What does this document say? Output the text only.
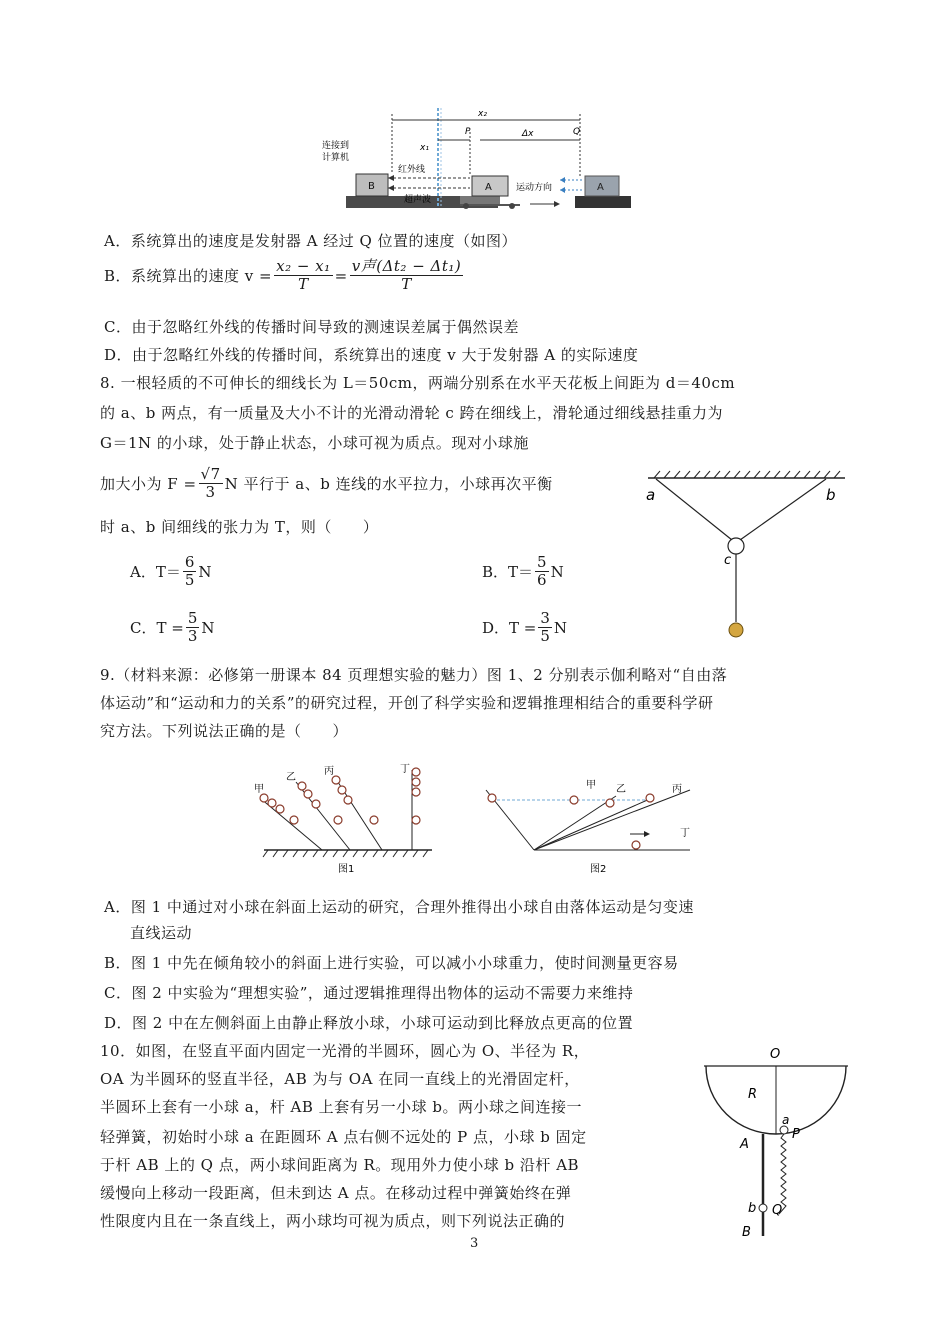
B	A	A
x₂
x₁
Δx
P	Q
连接到
计算机
红外线
超声波
运动方向
A．系统算出的速度是发射器 A 经过 Q 位置的速度（如图）
B．系统算出的速度 $v = \frac{\text{x₂ − x₁}}{T} = \frac{\text{v声(Δt₂ − Δt₁)}}{T}$
C．由于忽略红外线的传播时间导致的测速误差属于偶然误差
D．由于忽略红外线的传播时间，系统算出的速度 v 大于发射器 A 的实际速度
8. 一根轻质的不可伸长的细线长为 L＝50cm，两端分别系在水平天花板上间距为 d＝40cm
的 a、b 两点，有一质量及大小不计的光滑动滑轮 c 跨在细线上，滑轮通过细线悬挂重力为
G＝1N 的小球，处于静止状态，小球可视为质点。现对小球施
加大小为 $F = \frac{√7}{3}$ N 平行于 a、b 连线的水平拉力，小球再次平衡
时 a、b 间细线的张力为 T，则（　　）
A．$T= \frac{6}{5}$ N	B．$T= \frac{5}{6}$ N
C．$T = \frac{5}{3}$ N	D．$T = \frac{3}{5}$ N
a	b
c
9.（材料来源：必修第一册课本 84 页理想实验的魅力）图 1、2 分别表示伽利略对“自由落
体运动”和“运动和力的关系”的研究过程，开创了科学实验和逻辑推理相结合的重要科学研
究方法。下列说法正确的是（　　）
甲
乙
丙	丁
图1
甲 乙	丙
丁
图2
A．图 1 中通过对小球在斜面上运动的研究，合理外推得出小球自由落体运动是匀变速
直线运动
B．图 1 中先在倾角较小的斜面上进行实验，可以减小小球重力，使时间测量更容易
C．图 2 中实验为“理想实验”，通过逻辑推理得出物体的运动不需要力来维持
D．图 2 中在左侧斜面上由静止释放小球，小球可运动到比释放点更高的位置
10．如图，在竖直平面内固定一光滑的半圆环，圆心为 O、半径为 R，
OA 为半圆环的竖直半径，AB 为与 OA 在同一直线上的光滑固定杆，
半圆环上套有一小球 a，杆 AB 上套有另一小球 b。两小球之间连接一
轻弹簧，初始时小球 a 在距圆环 A 点右侧不远处的 P 点，小球 b 固定
于杆 AB 上的 Q 点，两小球间距离为 R。现用外力使小球 b 沿杆 AB
缓慢向上移动一段距离，但未到达 A 点。在移动过程中弹簧始终在弹
性限度内且在一条直线上，两小球均可视为质点，则下列说法正确的
O
R
a
P
A
b Q
B
3
